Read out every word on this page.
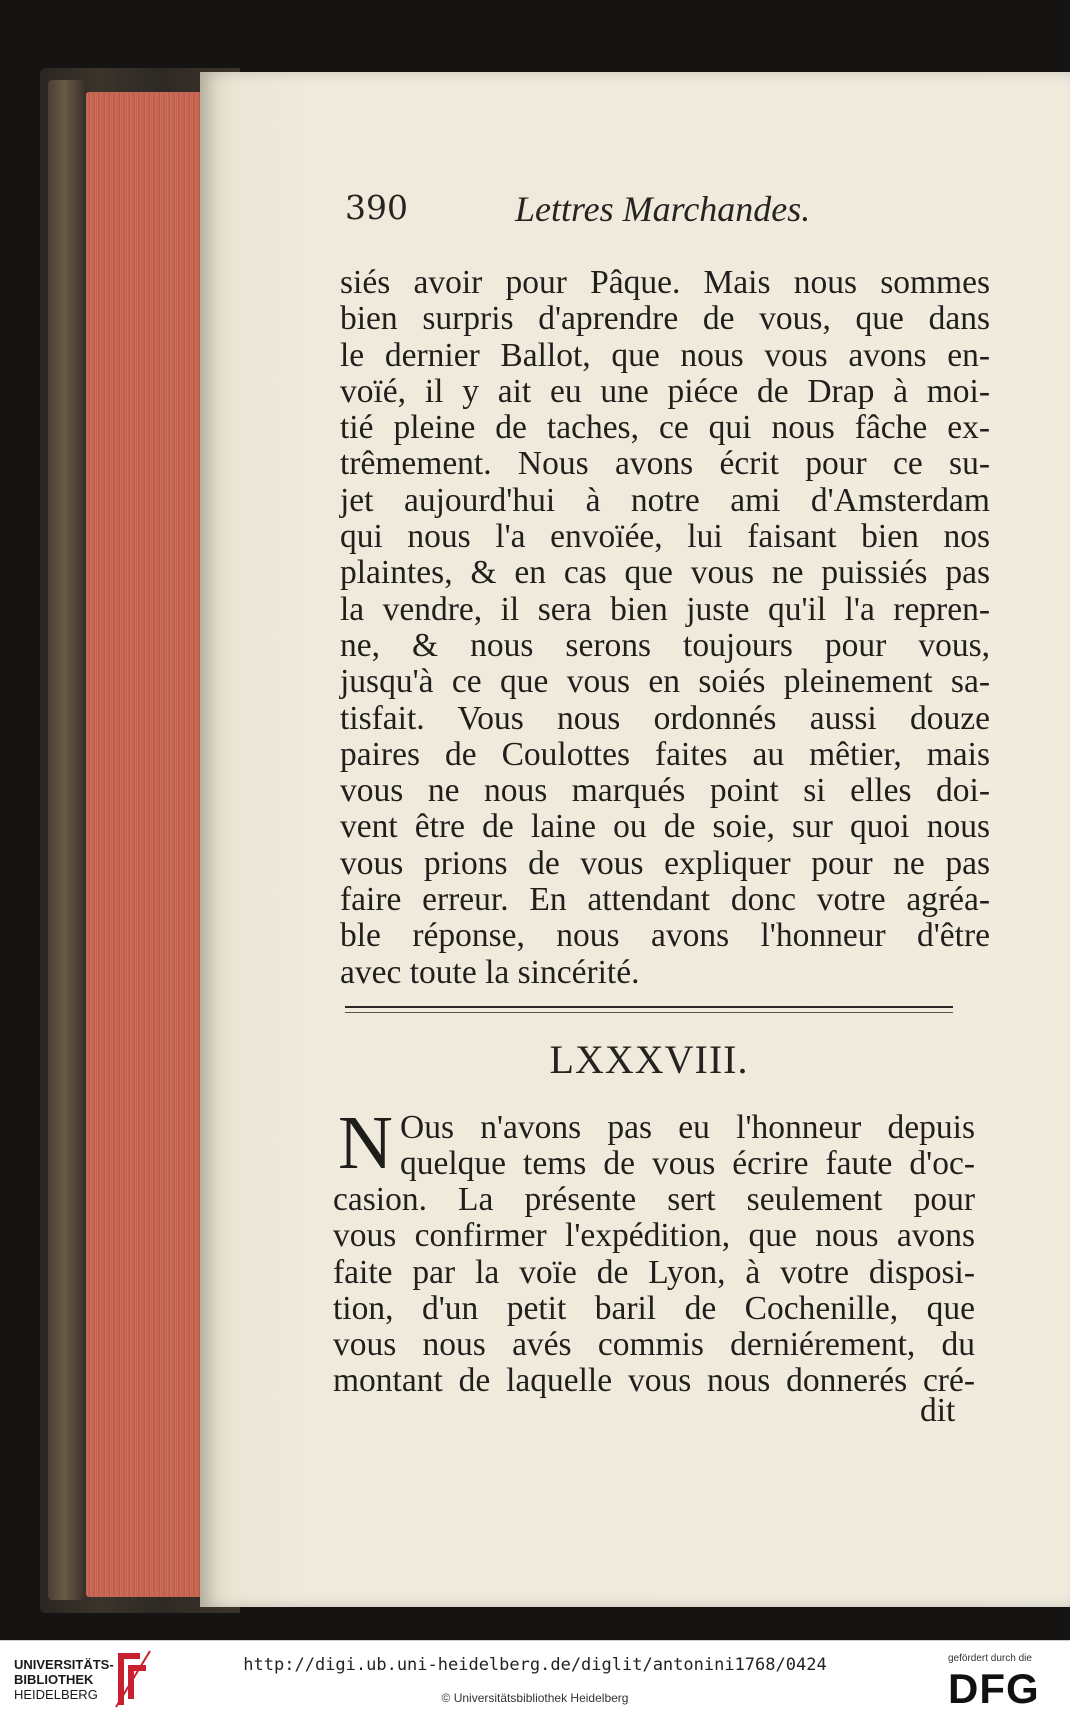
390	Lettres Marchandes.
siés avoir pour Pâque. Mais nous sommes
bien surpris d'aprendre de vous, que dans
le dernier Ballot, que nous vous avons en-
voïé, il y ait eu une piéce de Drap à moi-
tié pleine de taches, ce qui nous fâche ex-
trêmement. Nous avons écrit pour ce su-
jet aujourd'hui à notre ami d'Amsterdam
qui nous l'a envoïée, lui faisant bien nos
plaintes, & en cas que vous ne puissiés pas
la vendre, il sera bien juste qu'il l'a repren-
ne, & nous serons toujours pour vous,
jusqu'à ce que vous en soiés pleinement sa-
tisfait. Vous nous ordonnés aussi douze
paires de Coulottes faites au mêtier, mais
vous ne nous marqués point si elles doi-
vent être de laine ou de soie, sur quoi nous
vous prions de vous expliquer pour ne pas
faire erreur. En attendant donc votre agréa-
ble réponse, nous avons l'honneur d'être
avec toute la sincérité.
LXXXVIII.
N Ous n'avons pas eu l'honneur depuis
quelque tems de vous écrire faute d'oc-
casion. La présente sert seulement pour
vous confirmer l'expédition, que nous avons
faite par la voïe de Lyon, à votre disposi-
tion, d'un petit baril de Cochenille, que
vous nous avés commis derniérement, du
montant de laquelle vous nous donnerés cré-
dit
UNIVERSITÄTS-
BIBLIOTHEK
HEIDELBERG
http://digi.ub.uni-heidelberg.de/diglit/antonini1768/0424
© Universitätsbibliothek Heidelberg
gefördert durch die
DFG
